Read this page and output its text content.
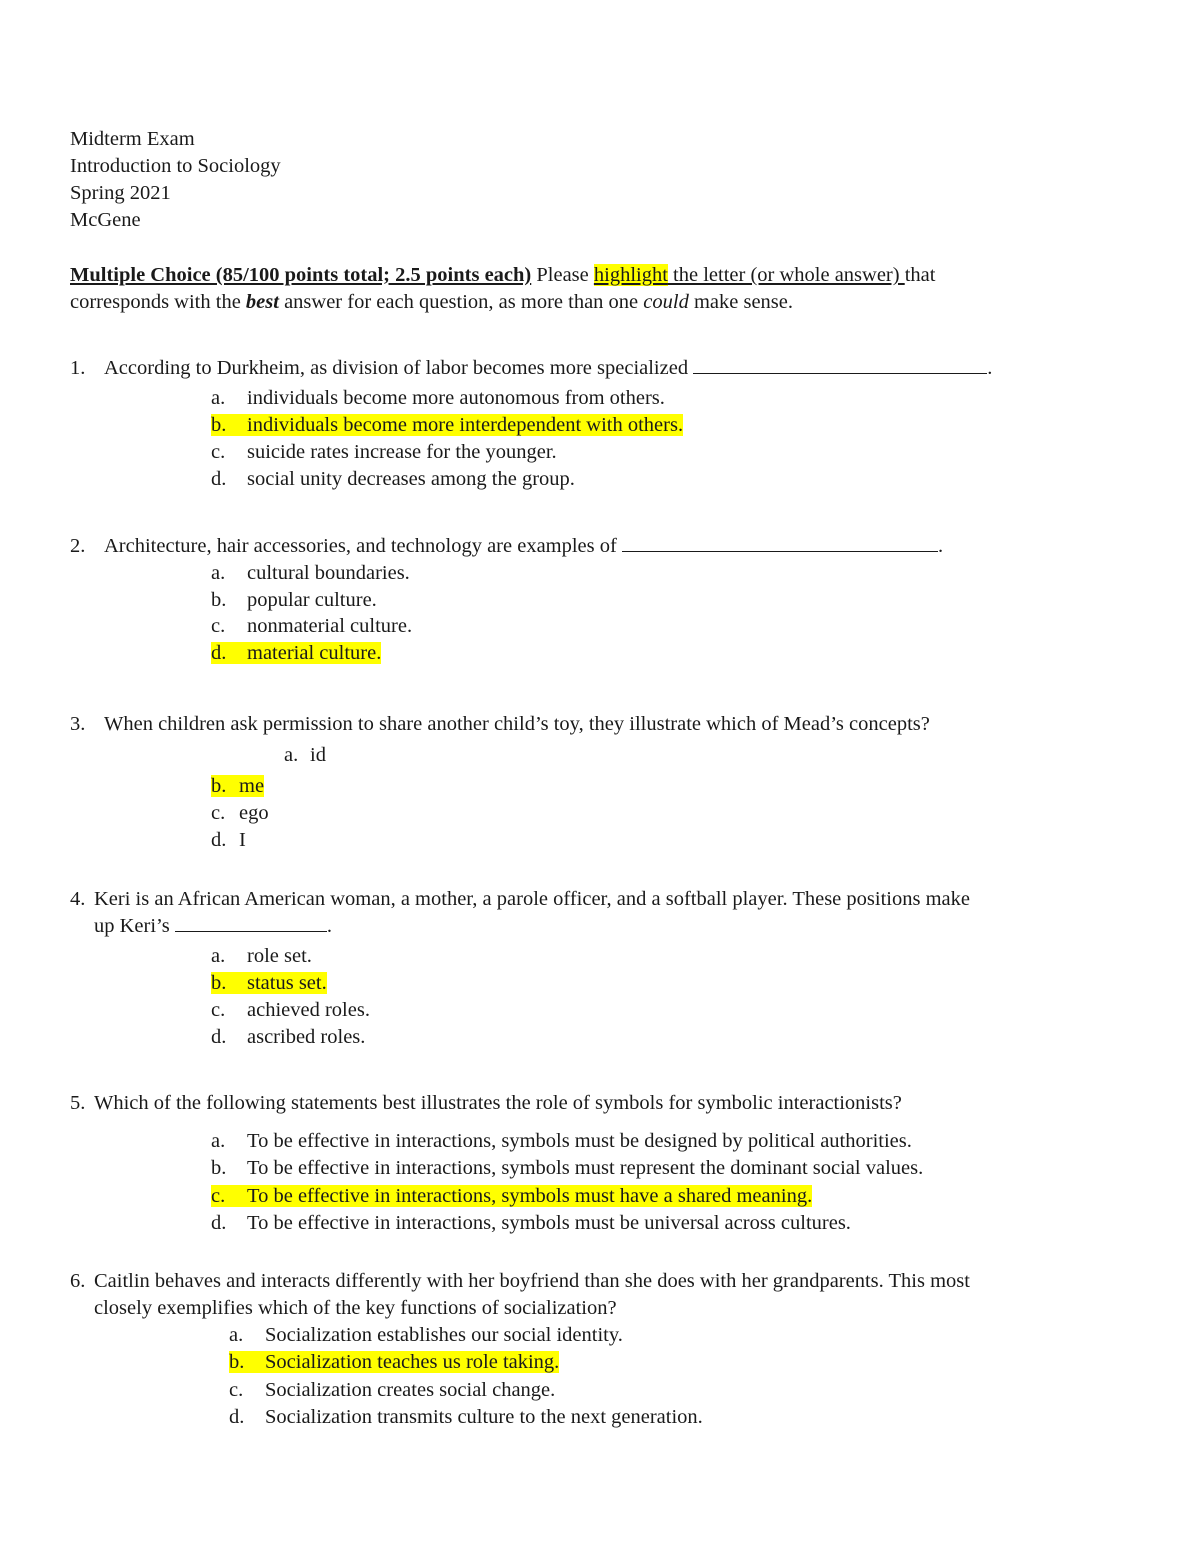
Midterm Exam
Introduction to Sociology
Spring 2021
McGene
Multiple Choice (85/100 points total; 2.5 points each) Please highlight the letter (or whole answer) that
corresponds with the best answer for each question, as more than one could make sense.
1. According to Durkheim, as division of labor becomes more specialized	.
a. individuals become more autonomous from others.
b. individuals become more interdependent with others.
c. suicide rates increase for the younger.
d. social unity decreases among the group.
2. Architecture, hair accessories, and technology are examples of	.
a. cultural boundaries.
b. popular culture.
c. nonmaterial culture.
d. material culture.
3. When children ask permission to share another child’s toy, they illustrate which of Mead’s concepts?
a. id
b. me
c. ego
d. I
4. Keri is an African American woman, a mother, a parole officer, and a softball player. These positions make
up Keri’s	.
a. role set.
b. status set.
c. achieved roles.
d. ascribed roles.
5. Which of the following statements best illustrates the role of symbols for symbolic interactionists?
a. To be effective in interactions, symbols must be designed by political authorities.
b. To be effective in interactions, symbols must represent the dominant social values.
c. To be effective in interactions, symbols must have a shared meaning.
d. To be effective in interactions, symbols must be universal across cultures.
6. Caitlin behaves and interacts differently with her boyfriend than she does with her grandparents. This most
closely exemplifies which of the key functions of socialization?
a. Socialization establishes our social identity.
b. Socialization teaches us role taking.
c. Socialization creates social change.
d. Socialization transmits culture to the next generation.
